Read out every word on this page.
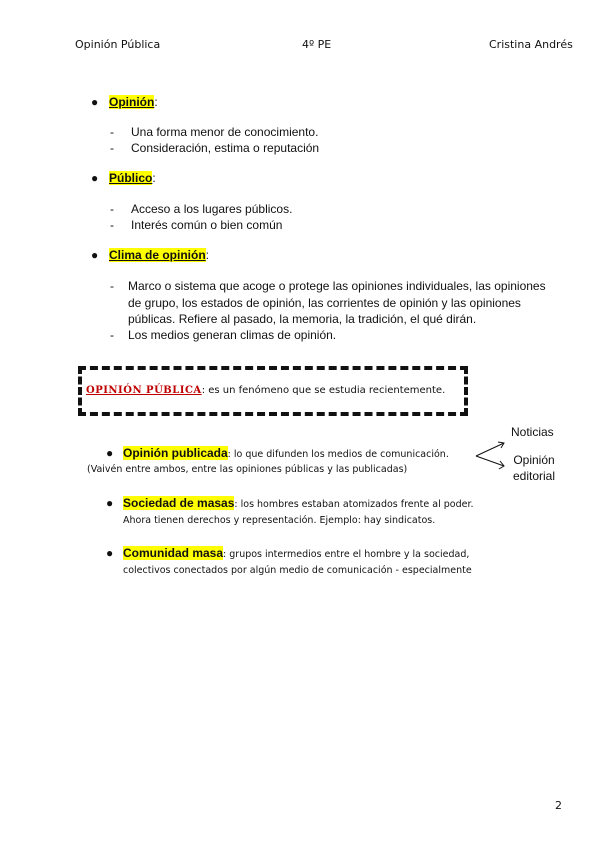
Opinión Pública	4º PE	Cristina Andrés
● Opinión:
- Una forma menor de conocimiento.
- Consideración, estima o reputación
● Público:
- Acceso a los lugares públicos.
- Interés común o bien común
● Clima de opinión:
- Marco o sistema que acoge o protege las opiniones individuales, las opiniones
de grupo, los estados de opinión, las corrientes de opinión y las opiniones
públicas. Refiere al pasado, la memoria, la tradición, el qué dirán.
- Los medios generan climas de opinión.
OPINIÓN PÚBLICA: es un fenómeno que se estudia recientemente.
● Opinión publicada: lo que difunden los medios de comunicación.
(Vaivén entre ambos, entre las opiniones públicas y las publicadas)
Noticias
Opinión
editorial
● Sociedad de masas: los hombres estaban atomizados frente al poder.
Ahora tienen derechos y representación. Ejemplo: hay sindicatos.
● Comunidad masa: grupos intermedios entre el hombre y la sociedad,
colectivos conectados por algún medio de comunicación - especialmente
2
